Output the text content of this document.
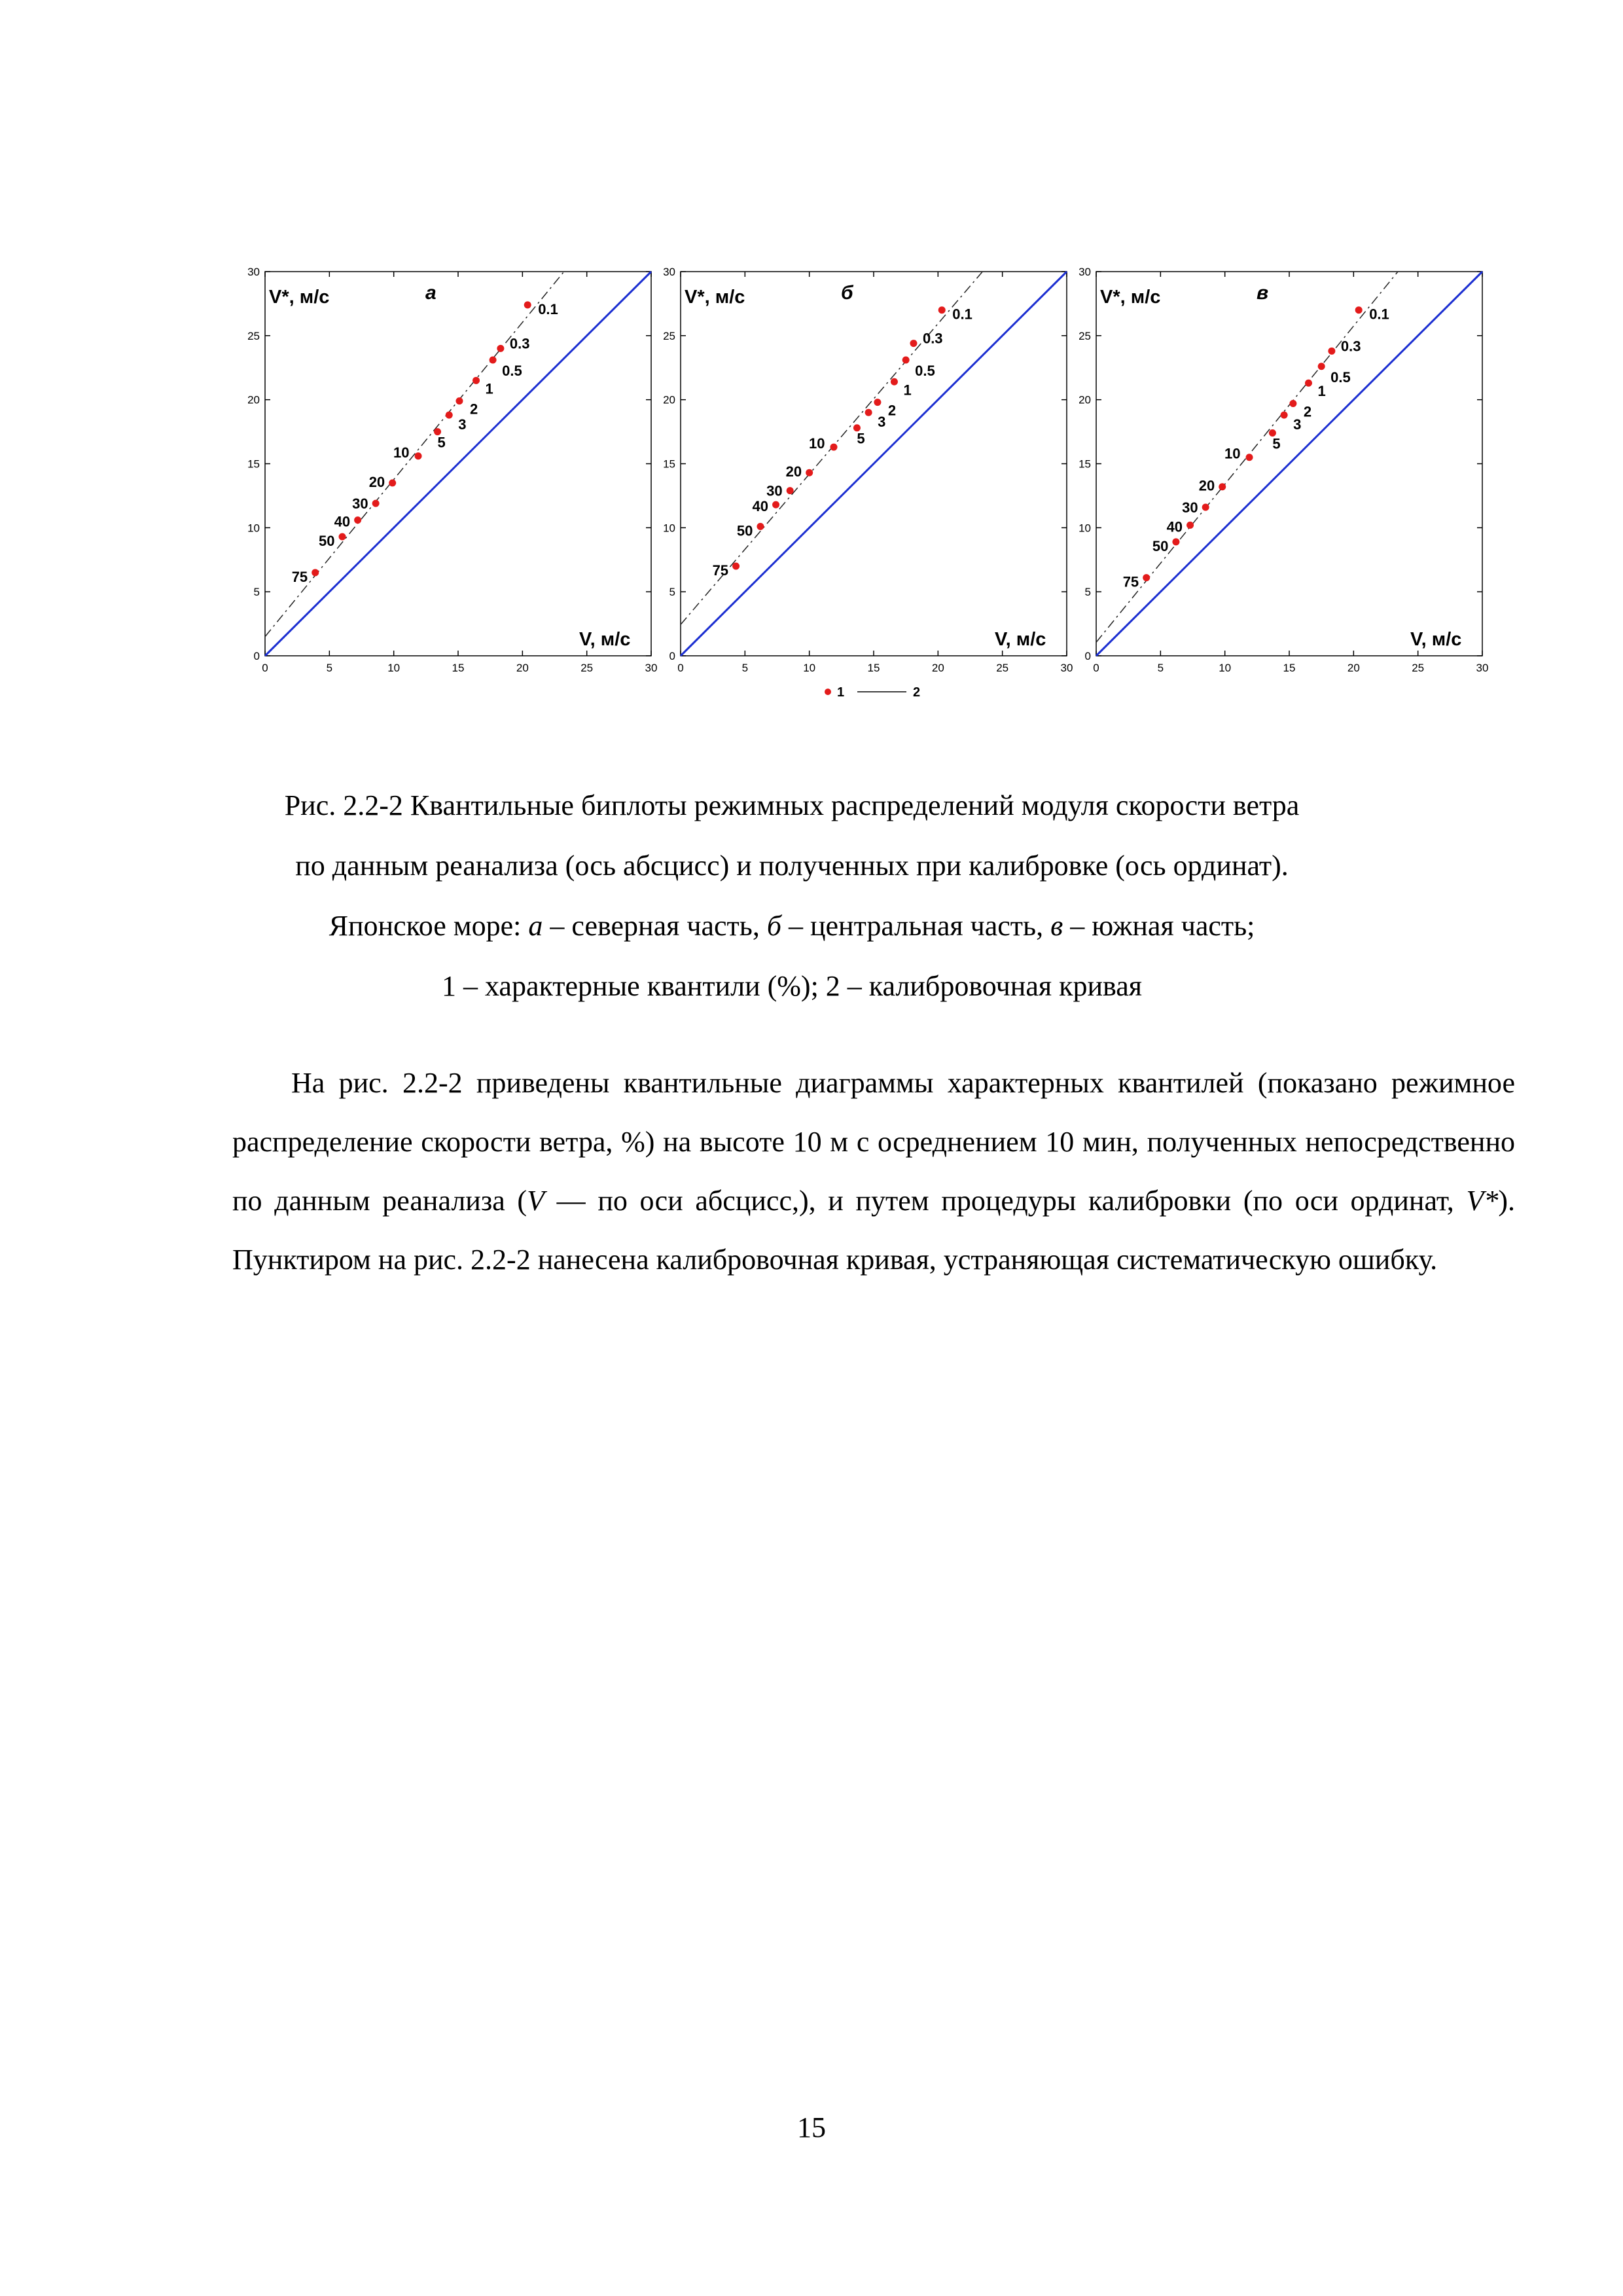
0	5	10	15	20	25	30
0
5
10
15
20
25
30
75
50
40
30
20
10
5
3
2
1
0.5
0.3
0.1
V*, м/с	а
V, м/с
0	5	10	15	20	25	30
0
5
10
15
20
25
30
75
50
40
30
20
10 5
3
2
1
0.5
0.3
0.1
V*, м/с	б
V, м/с
0	5	10	15	20	25	30
0
5
10
15
20
25
30
75
50
40
30
20
10
5
3
2
1
0.5
0.3
0.1
V*, м/с	в
V, м/с
1	2
Рис. 2.2-2 Квантильные биплоты режимных распределений модуля скорости ветра
по данным реанализа (ось абсцисс) и полученных при калибровке (ось ординат).
Японское море: а – северная часть, б – центральная часть, в – южная часть;
1 – характерные квантили (%); 2 – калибровочная кривая

На рис. 2.2-2 приведены квантильные диаграммы характерных квантилей (показано режимное распределение скорости ветра, %) на высоте 10 м с осреднением 10 мин, полученных непосредственно по данным реанализа (V — по оси абсцисс,), и путем процедуры калибровки (по оси ординат, V*). Пунктиром на рис. 2.2-2 нанесена калибровочная кривая, устраняющая систематическую ошибку.

15
